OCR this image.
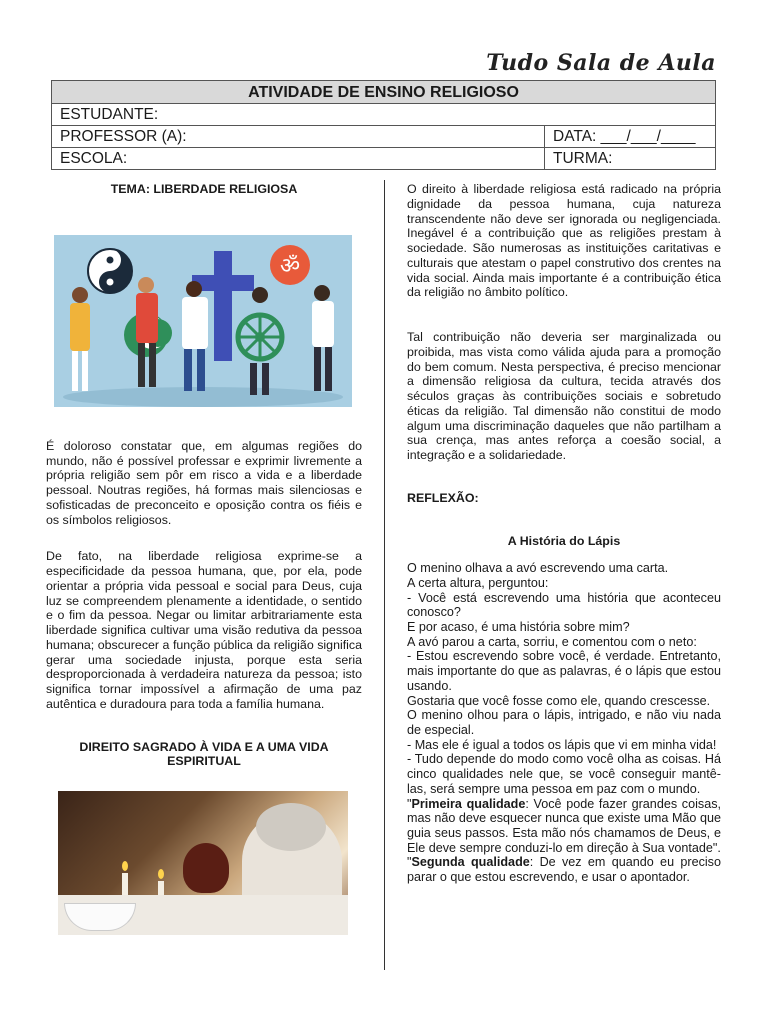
Tudo Sala de Aula
ATIVIDADE DE ENSINO RELIGIOSO	
ESTUDANTE:	
PROFESSOR (A):	DATA: ___/___/____
ESCOLA:	TURMA:

TEMA: LIBERDADE RELIGIOSA

ॐ

É doloroso constatar que, em algumas regiões do mundo, não é possível professar e exprimir livremente a própria religião sem pôr em risco a vida e a liberdade pessoal. Noutras regiões, há formas mais silenciosas e sofisticadas de preconceito e oposição contra os fiéis e os símbolos religiosos.

De fato, na liberdade religiosa exprime-se a especificidade da pessoa humana, que, por ela, pode orientar a própria vida pessoal e social para Deus, cuja luz se compreendem plenamente a identidade, o sentido e o fim da pessoa. Negar ou limitar arbitrariamente esta liberdade significa cultivar uma visão redutiva da pessoa humana; obscurecer a função pública da religião significa gerar uma sociedade injusta, porque esta seria desproporcionada à verdadeira natureza da pessoa; isto significa tornar impossível a afirmação de uma paz autêntica e duradoura para toda a família humana.

DIREITO SAGRADO À VIDA E A UMA VIDA ESPIRITUAL

O direito à liberdade religiosa está radicado na própria dignidade da pessoa humana, cuja natureza transcendente não deve ser ignorada ou negligenciada. Inegável é a contribuição que as religiões prestam à sociedade. São numerosas as instituições caritativas e culturais que atestam o papel construtivo dos crentes na vida social. Ainda mais importante é a contribuição ética da religião no âmbito político.

Tal contribuição não deveria ser marginalizada ou proibida, mas vista como válida ajuda para a promoção do bem comum. Nesta perspectiva, é preciso mencionar a dimensão religiosa da cultura, tecida através dos séculos graças às contribuições sociais e sobretudo éticas da religião. Tal dimensão não constitui de modo algum uma discriminação daqueles que não partilham a sua crença, mas antes reforça a coesão social, a integração e a solidariedade.

REFLEXÃO:

A História do Lápis

O menino olhava a avó escrevendo uma carta.

A certa altura, perguntou:

- Você está escrevendo uma história que aconteceu conosco?

E por acaso, é uma história sobre mim?

A avó parou a carta, sorriu, e comentou com o neto:

- Estou escrevendo sobre você, é verdade. Entretanto, mais importante do que as palavras, é o lápis que estou usando.

Gostaria que você fosse como ele, quando crescesse.

O menino olhou para o lápis, intrigado, e não viu nada de especial.

- Mas ele é igual a todos os lápis que vi em minha vida!

- Tudo depende do modo como você olha as coisas. Há cinco qualidades nele que, se você conseguir mantê-las, será sempre uma pessoa em paz com o mundo.

"Primeira qualidade: Você pode fazer grandes coisas, mas não deve esquecer nunca que existe uma Mão que guia seus passos. Esta mão nós chamamos de Deus, e Ele deve sempre conduzi-lo em direção à Sua vontade".

"Segunda qualidade: De vez em quando eu preciso parar o que estou escrevendo, e usar o apontador.
